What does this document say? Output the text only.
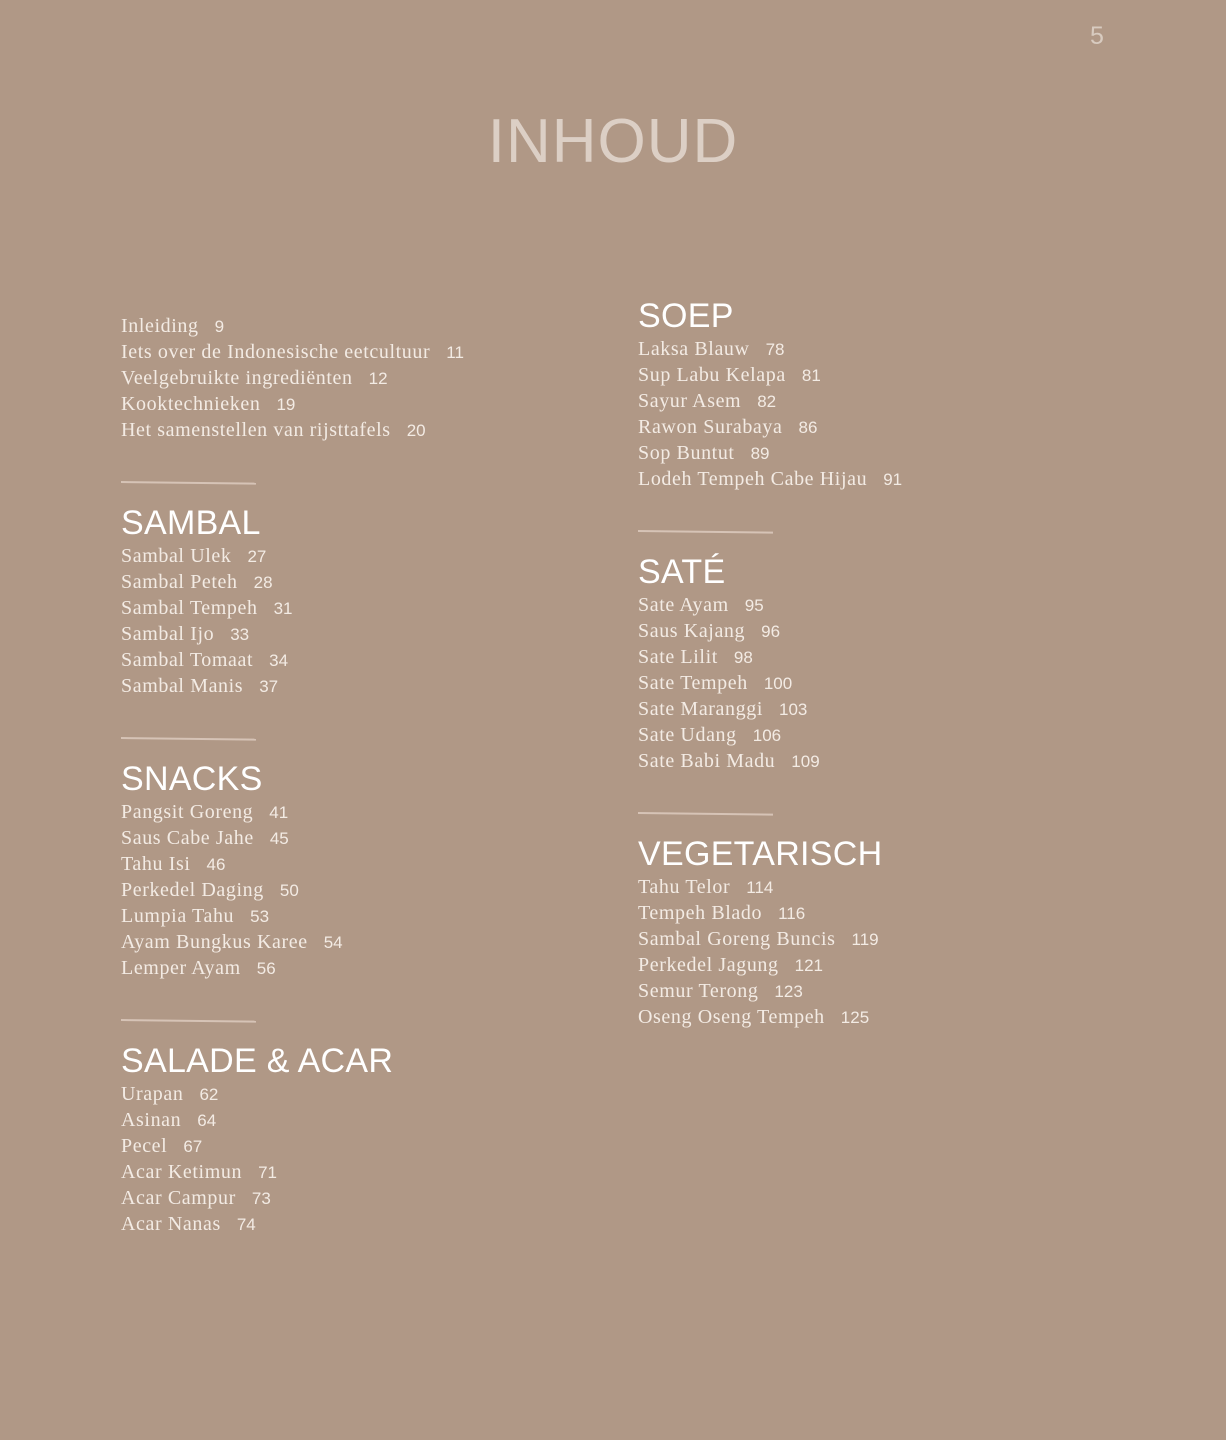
5
INHOUD
Inleiding 9
Iets over de Indonesische eetcultuur 11
Veelgebruikte ingrediënten 12
Kooktechnieken 19
Het samenstellen van rijsttafels 20
SAMBAL
Sambal Ulek 27
Sambal Peteh 28
Sambal Tempeh 31
Sambal Ijo 33
Sambal Tomaat 34
Sambal Manis 37
SNACKS
Pangsit Goreng 41
Saus Cabe Jahe 45
Tahu Isi 46
Perkedel Daging 50
Lumpia Tahu 53
Ayam Bungkus Karee 54
Lemper Ayam 56
SALADE & ACAR
Urapan 62
Asinan 64
Pecel 67
Acar Ketimun 71
Acar Campur 73
Acar Nanas 74
SOEP
Laksa Blauw 78
Sup Labu Kelapa 81
Sayur Asem 82
Rawon Surabaya 86
Sop Buntut 89
Lodeh Tempeh Cabe Hijau 91
SATÉ
Sate Ayam 95
Saus Kajang 96
Sate Lilit 98
Sate Tempeh 100
Sate Maranggi 103
Sate Udang 106
Sate Babi Madu 109
VEGETARISCH
Tahu Telor 114
Tempeh Blado 116
Sambal Goreng Buncis 119
Perkedel Jagung 121
Semur Terong 123
Oseng Oseng Tempeh 125
